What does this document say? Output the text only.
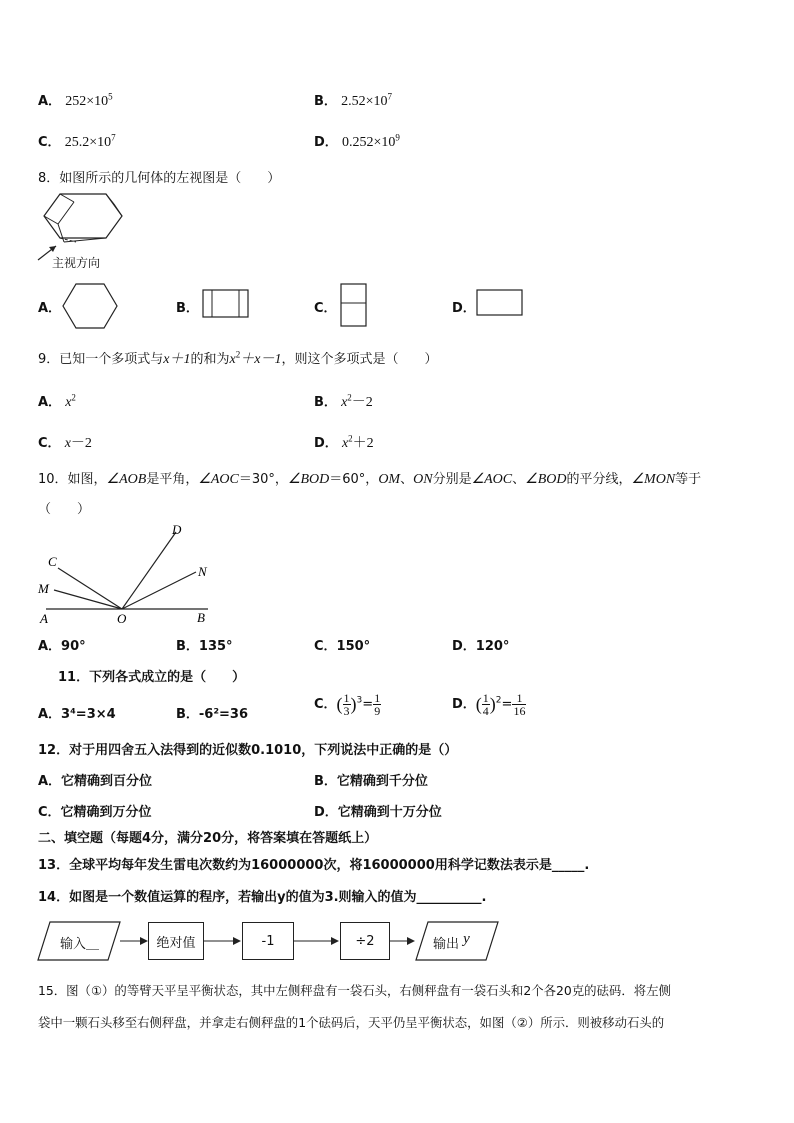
A． $252\times 10^5$	B． $2.52\times 10^7$
C． $25.2\times 10^7$	D． $0.252\times 10^9$
8．如图所示的几何体的左视图是（　　）
主视方向
A．	B．	C．	D．
9．已知一个多项式与x＋1的和为$x^2+x-1$，则这个多项式是（　　）
A． $x^2$	B． $x^2-2$
C． x－2	D． $x^2+2$
10．如图，∠AOB是平角，∠AOC＝30°，∠BOD＝60°，OM、ON分别是∠AOC、∠BOD的平分线，∠MON等于
（　　）
D
C
N
M
A	O	B
A．90°	B．135°	C．150°	D．120°
11．下列各式成立的是（　　）
A．3⁴=3×4	B．-6²=36
C．( $\frac{1}{3} )^3= \frac{1}{9}$	D．( $\frac{1}{4} )^2= \frac{1}{16}$
12．对于用四舍五入法得到的近似数0.1010，下列说法中正确的是（）
A．它精确到百分位	B．它精确到千分位
C．它精确到万分位	D．它精确到十万分位
二、填空题（每题4分，满分20分，将答案填在答题纸上）
13．全球平均每年发生雷电次数约为16000000次，将16000000用科学记数法表示是_____.
14．如图是一个数值运算的程序，若输出y的值为3.则输入的值为__________.
输入＿	绝对值	-1	÷2	输出 y
15．图（①）的等臂天平呈平衡状态，其中左侧秤盘有一袋石头，右侧秤盘有一袋石头和2个各20克的砝码．将左侧
袋中一颗石头移至右侧秤盘，并拿走右侧秤盘的1个砝码后，天平仍呈平衡状态，如图（②）所示．则被移动石头的
